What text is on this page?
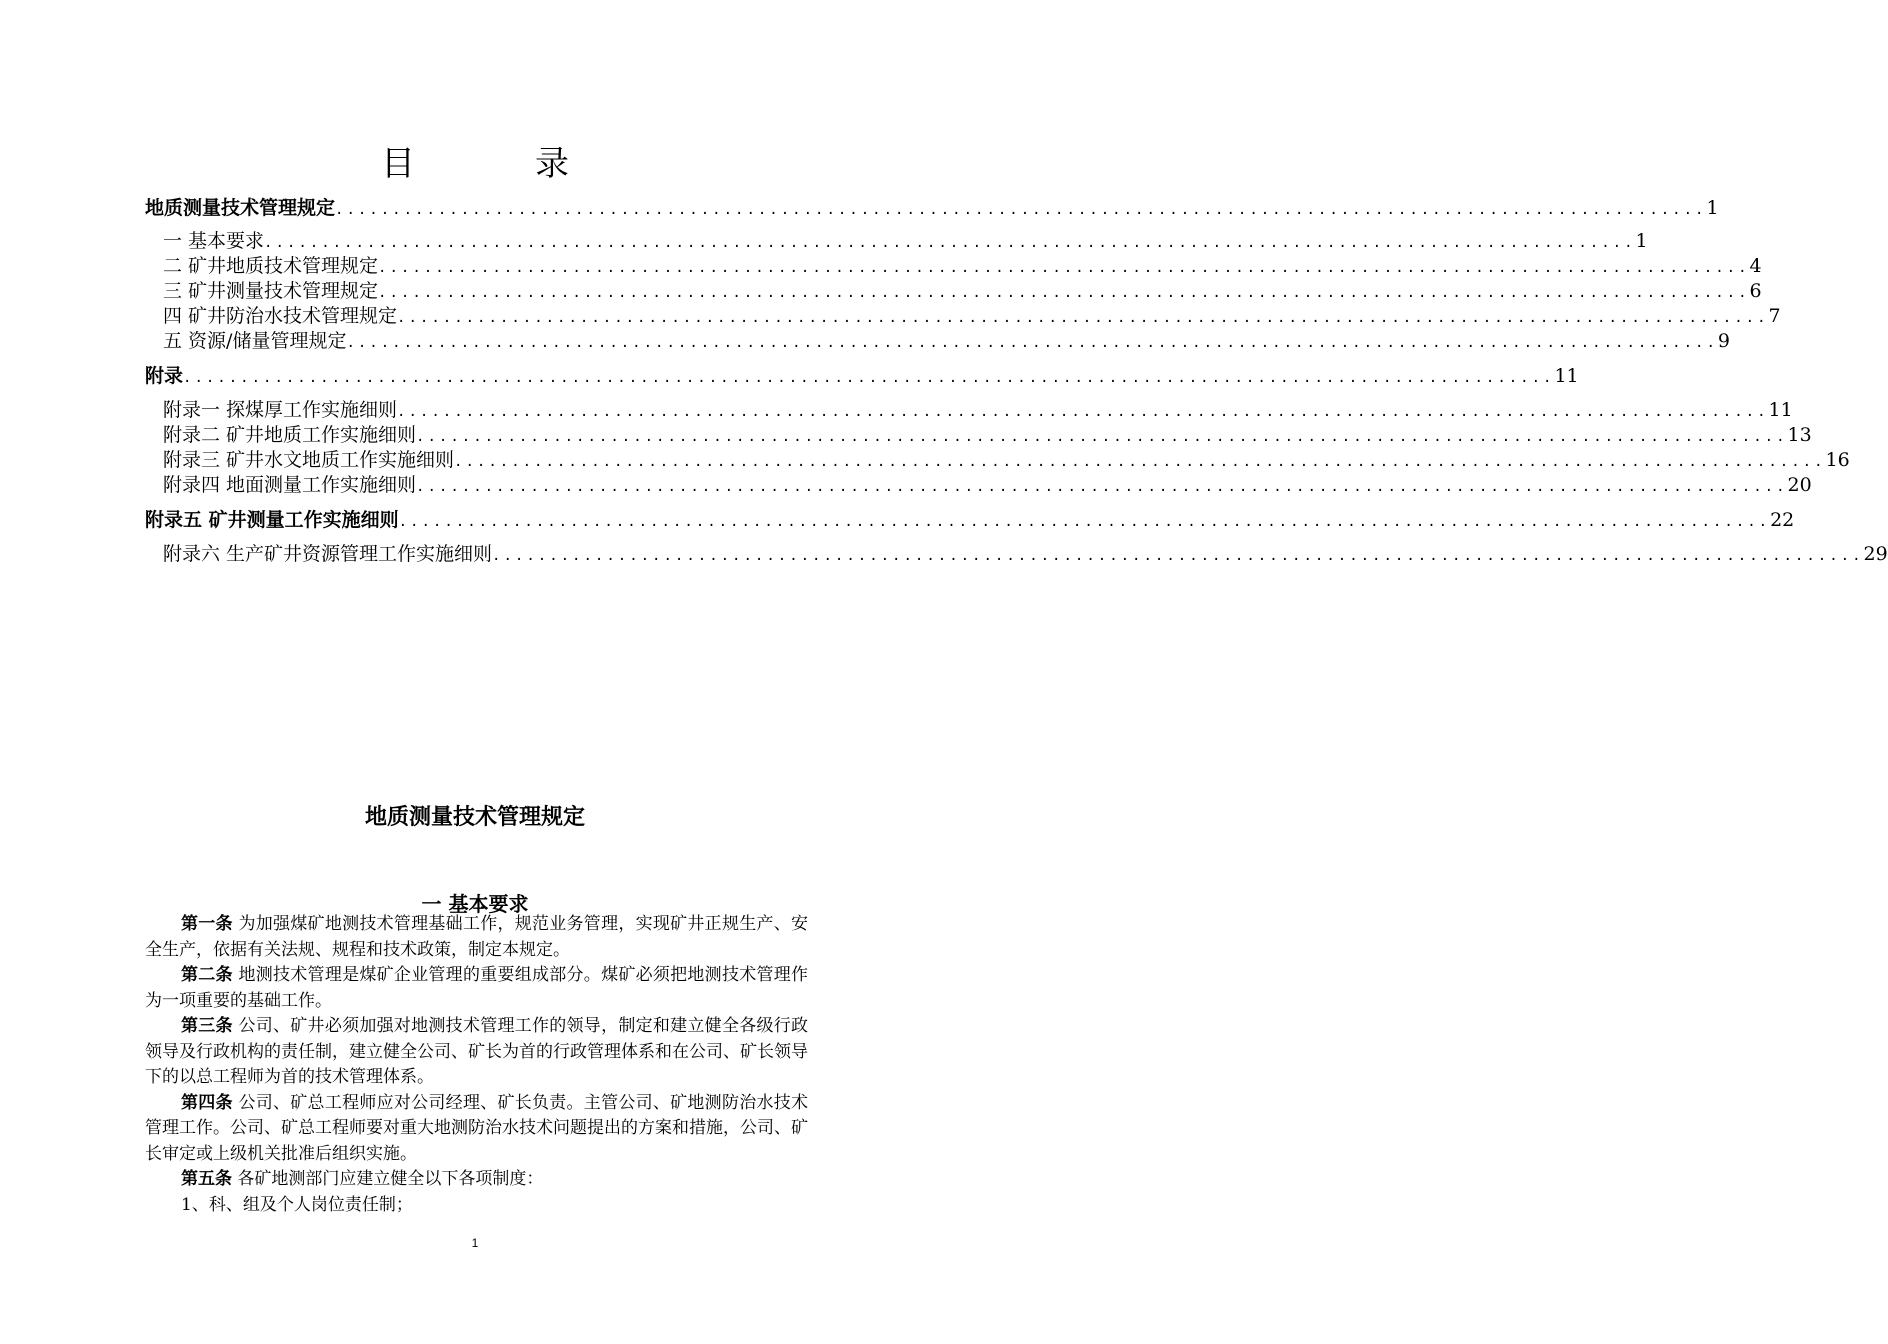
目	录
地质测量技术管理规定 ........................................................................................................................ 1
一 基本要求 ........................................................................................................................ 1
二 矿井地质技术管理规定 ........................................................................................................................ 4
三 矿井测量技术管理规定 ........................................................................................................................ 6
四 矿井防治水技术管理规定 ........................................................................................................................ 7
五 资源/储量管理规定 ........................................................................................................................ 9
附录 ........................................................................................................................ 11
附录一 探煤厚工作实施细则 ........................................................................................................................ 11
附录二 矿井地质工作实施细则 ........................................................................................................................ 13
附录三 矿井水文地质工作实施细则 ........................................................................................................................ 16
附录四 地面测量工作实施细则 ........................................................................................................................ 20
附录五 矿井测量工作实施细则 ........................................................................................................................ 22
附录六 生产矿井资源管理工作实施细则 ........................................................................................................................ 29
地质测量技术管理规定
一 基本要求

第一条 为加强煤矿地测技术管理基础工作，规范业务管理，实现矿井正规生产、安全生产，依据有关法规、规程和技术政策，制定本规定。

第二条 地测技术管理是煤矿企业管理的重要组成部分。煤矿必须把地测技术管理作为一项重要的基础工作。

第三条 公司、矿井必须加强对地测技术管理工作的领导，制定和建立健全各级行政领导及行政机构的责任制，建立健全公司、矿长为首的行政管理体系和在公司、矿长领导下的以总工程师为首的技术管理体系。

第四条 公司、矿总工程师应对公司经理、矿长负责。主管公司、矿地测防治水技术管理工作。公司、矿总工程师要对重大地测防治水技术问题提出的方案和措施，公司、矿长审定或上级机关批准后组织实施。

第五条 各矿地测部门应建立健全以下各项制度：

1、科、组及个人岗位责任制；

1
